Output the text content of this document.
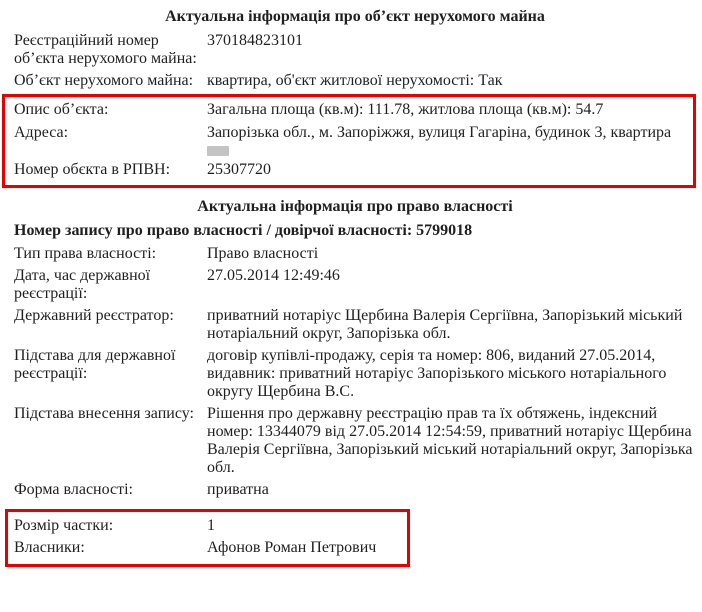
Актуальна інформація про об’єкт нерухомого майна
Реєстраційний номер об’єкта нерухомого майна:
370184823101
Об’єкт нерухомого майна: квартира, об'єкт житлової нерухомості: Так
Опис об’єкта:	Загальна площа (кв.м): 111.78, житлова площа (кв.м): 54.7
Адреса:	Запорізька обл., м. Запоріжжя, вулиця Гагаріна, будинок 3, квартира
Номер обєкта в РПВН:	25307720
Актуальна інформація про право власності
Номер запису про право власності / довірчої власності: 5799018
Тип права власності:	Право власності
Дата, час державної реєстрації:
27.05.2014 12:49:46
Державний реєстратор:	приватний нотаріус Щербина Валерія Сергіївна, Запорізький міський нотаріальний округ, Запорізька обл.
Підстава для державної реєстрації:
договір купівлі-продажу, серія та номер: 806, виданий 27.05.2014, видавник: приватний нотаріус Запорізького міського нотаріального округу Щербина В.С.
Підстава внесення запису: Рішення про державну реєстрацію прав та їх обтяжень, індексний номер: 13344079 від 27.05.2014 12:54:59, приватний нотаріус Щербина Валерія Сергіївна, Запорізький міський нотаріальний округ, Запорізька обл.
Форма власності:	приватна
Розмір частки:	1
Власники:	Афонов Роман Петрович
